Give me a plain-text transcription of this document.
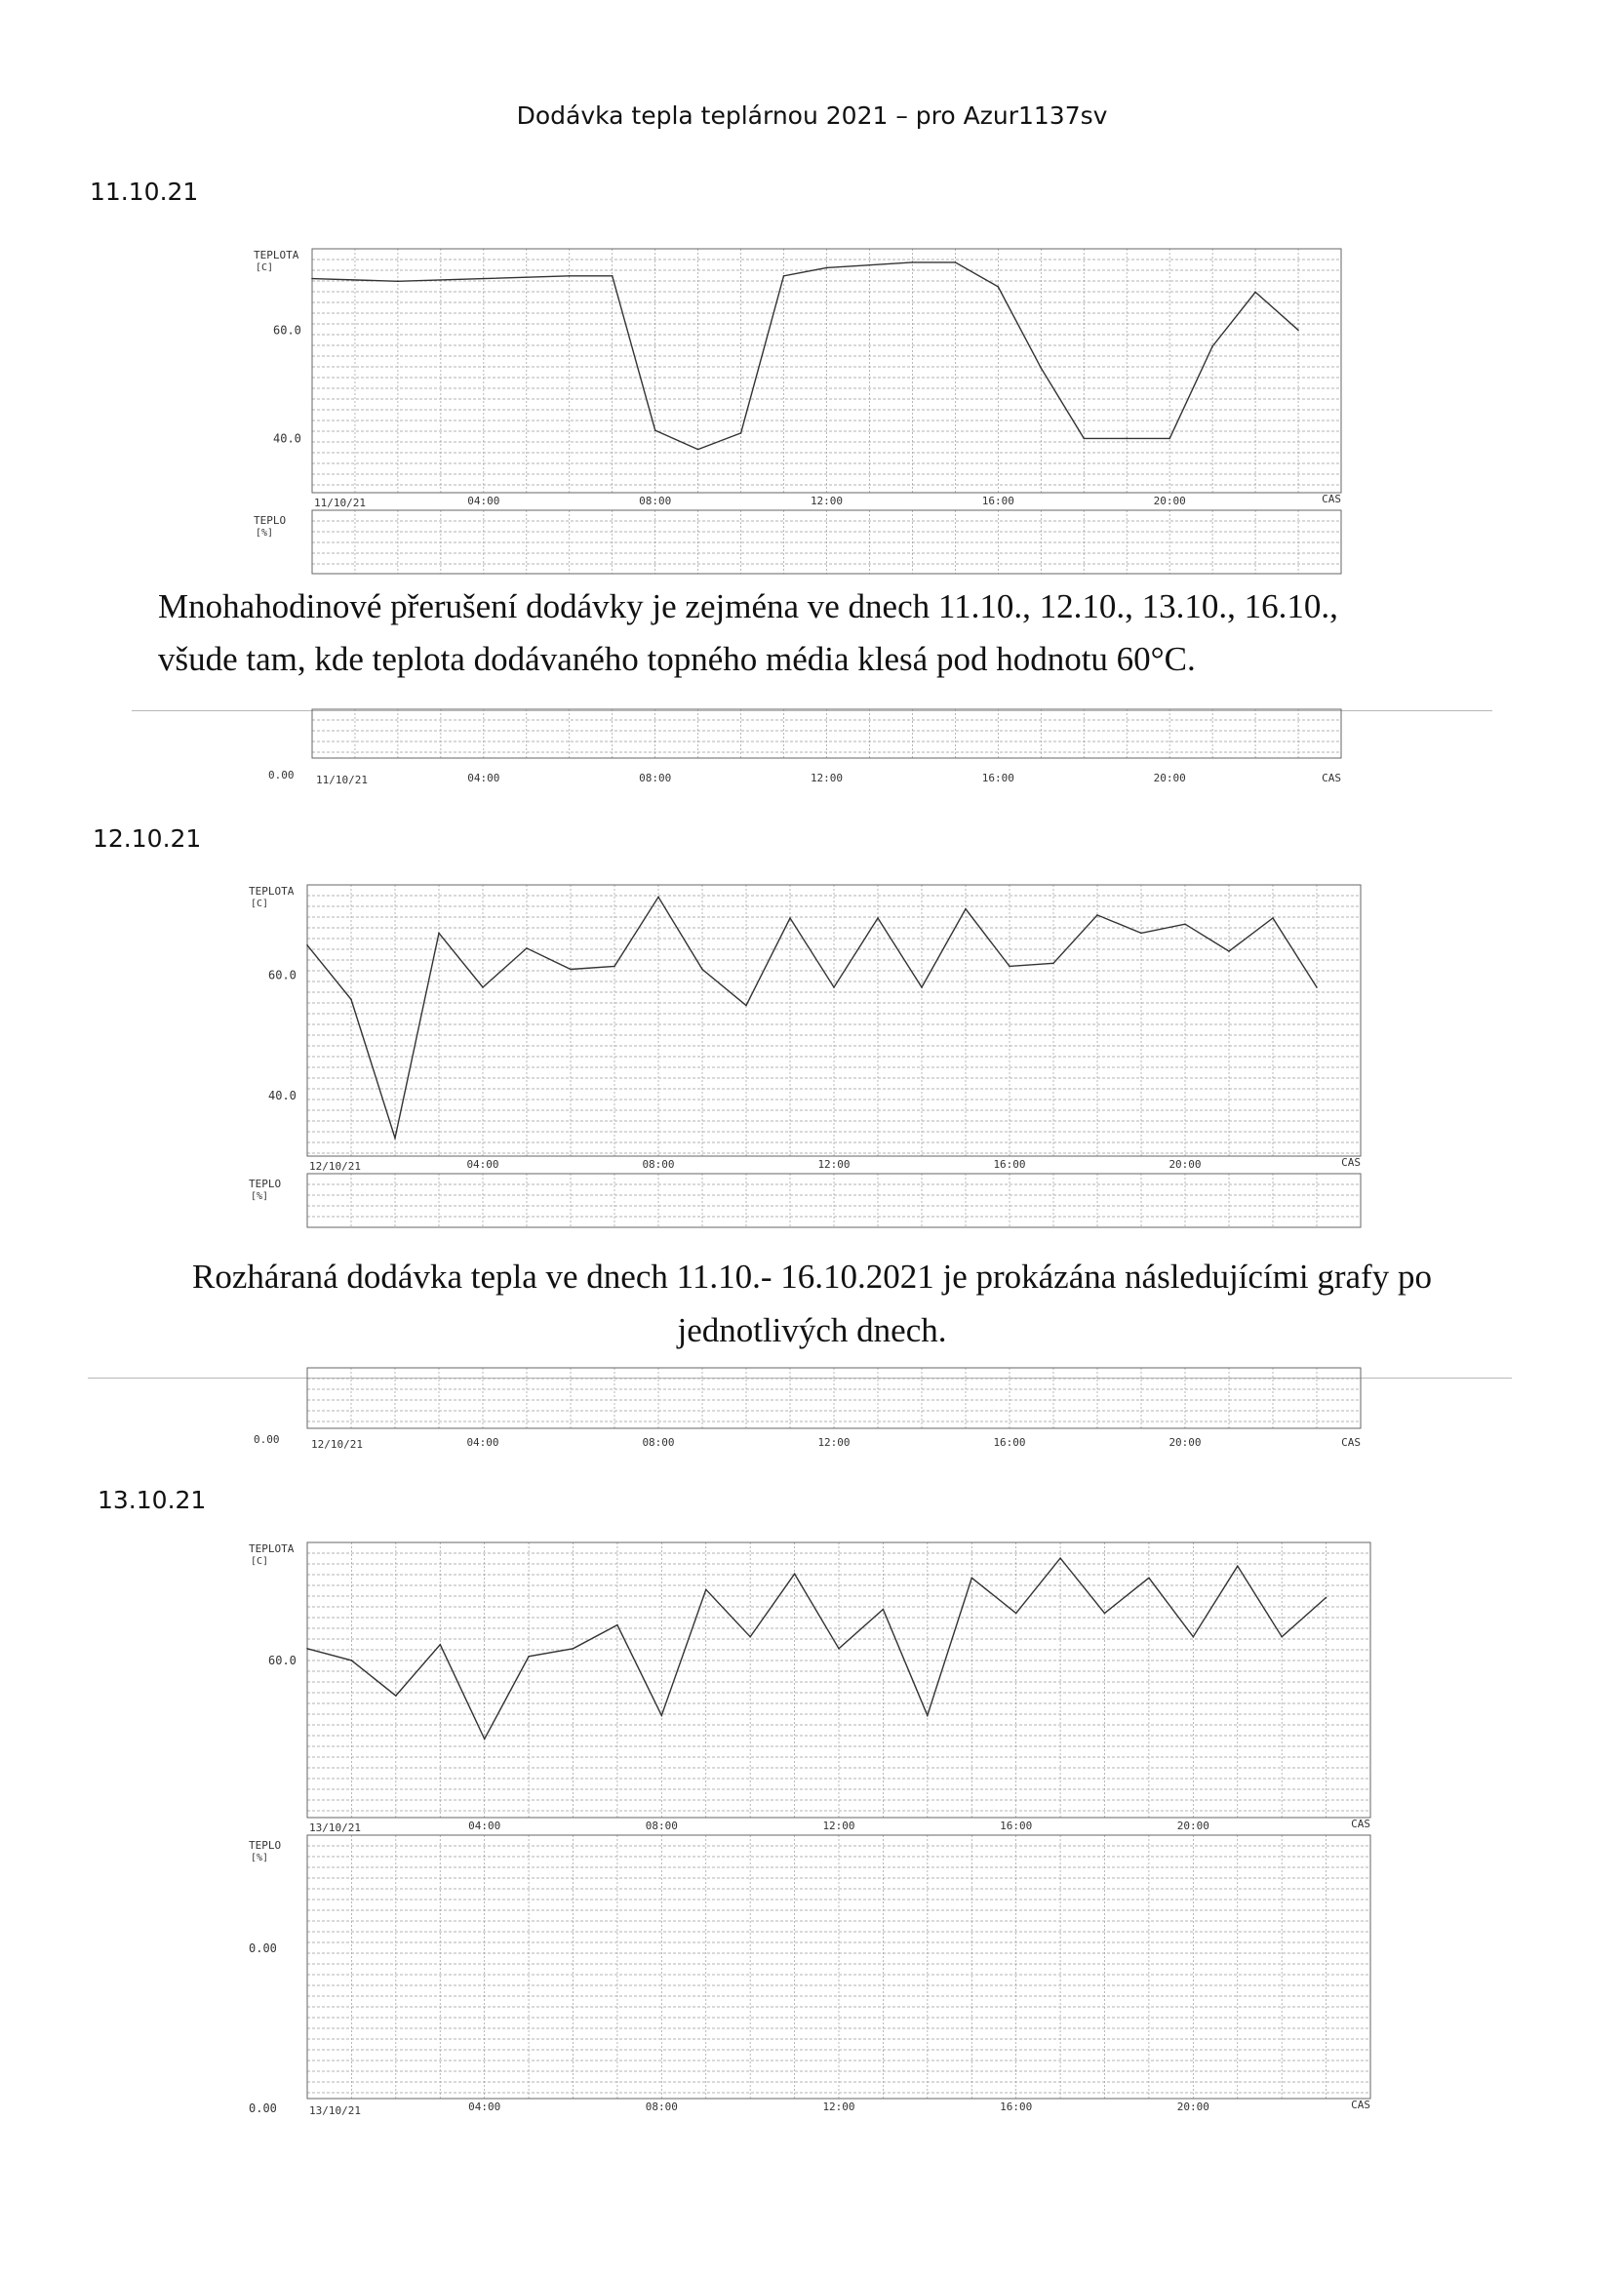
Dodávka tepla teplárnou 2021 – pro Azur1137sv
11.10.21
TEPLOTA
[C]
60.0
40.0
11/10/21	04:00	08:00	12:00	16:00	20:00	CAS
TEPLO
[%]
Mnohahodinové přerušení dodávky je zejména ve dnech 11.10., 12.10., 13.10., 16.10.,
všude tam, kde teplota dodávaného topného média klesá pod hodnotu 60°C.
0.00 11/10/21	04:00	08:00	12:00	16:00	20:00	CAS
12.10.21
TEPLOTA
[C]
60.0
40.0
12/10/21	04:00	08:00	12:00	16:00	20:00	CAS
TEPLO
[%]
Rozháraná dodávka tepla ve dnech 11.10.- 16.10.2021 je prokázána následujícími grafy po
jednotlivých dnech.
0.00	12/10/21	04:00	08:00	12:00	16:00	20:00	CAS
13.10.21
TEPLOTA
[C]
60.0
13/10/21	04:00	08:00	12:00	16:00	20:00	CAS
TEPLO
[%]
0.00
0.00	13/10/21	04:00	08:00	12:00	16:00	20:00	CAS
